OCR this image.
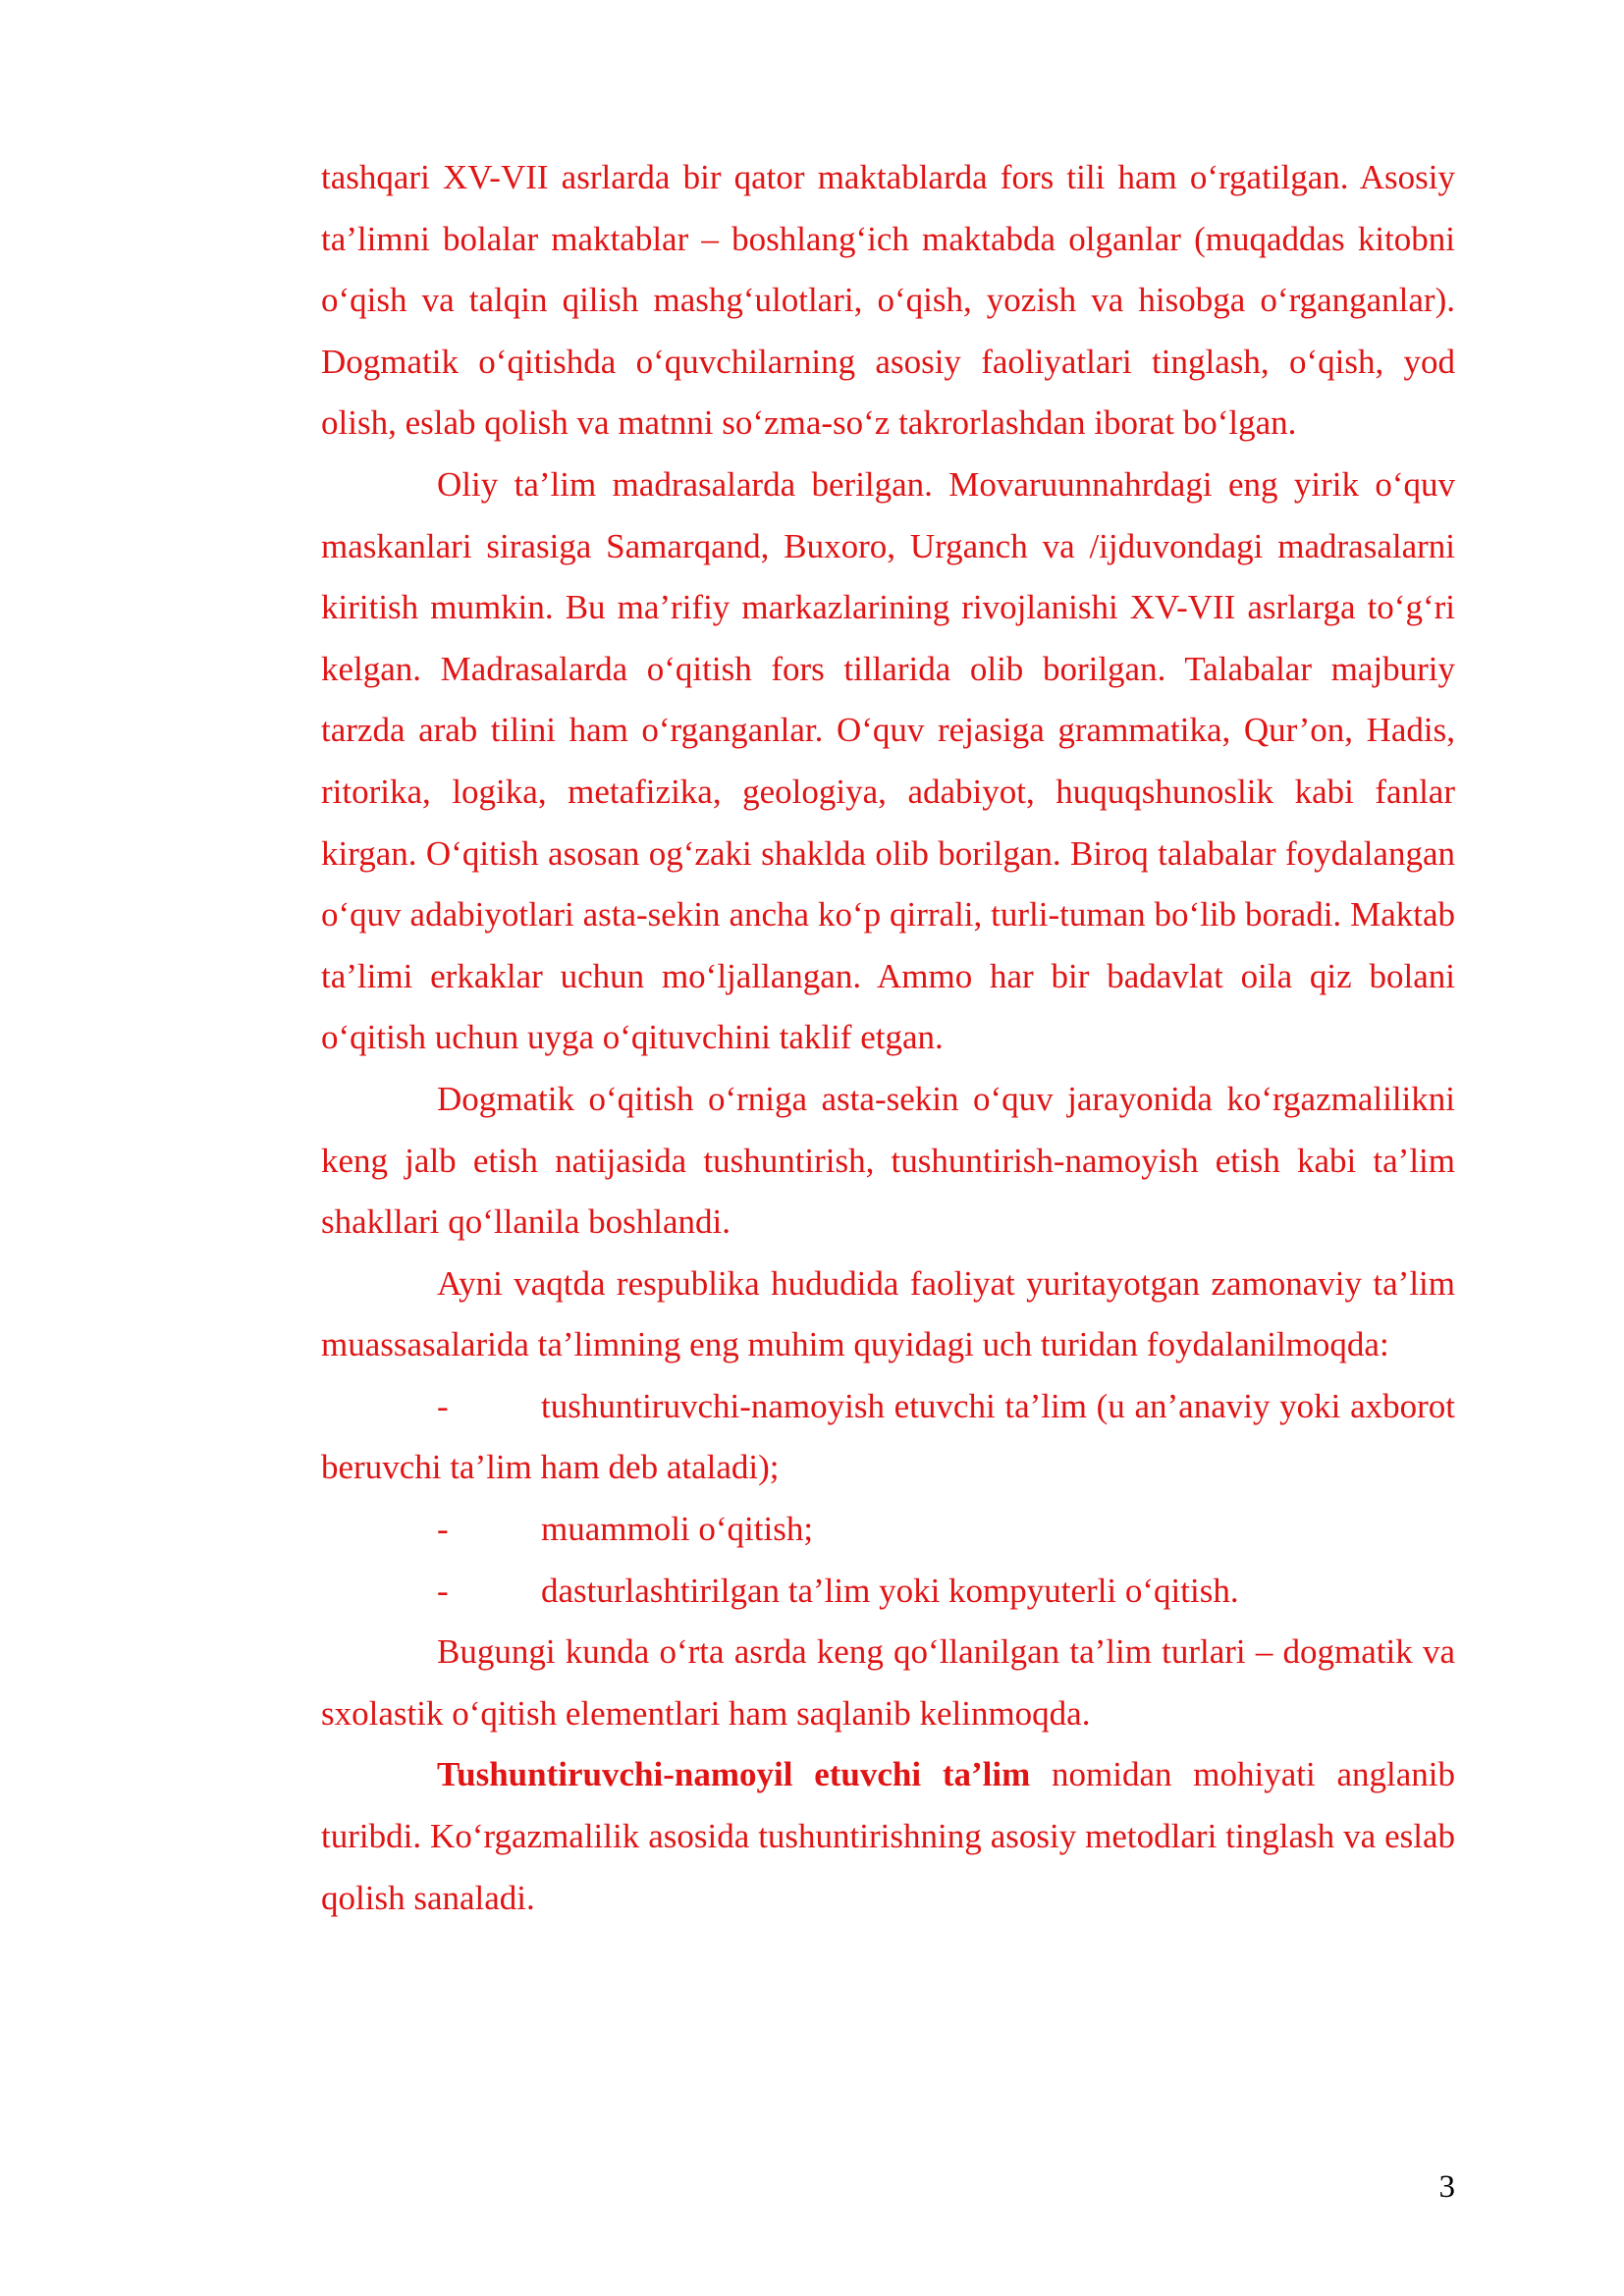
tashqari XV-VII asrlarda bir qator maktablarda fors tili ham o‘rgatilgan. Asosiy ta’limni bolalar maktablar – boshlang‘ich maktabda olganlar (muqaddas kitobni o‘qish va talqin qilish mashg‘ulotlari, o‘qish, yozish va hisobga o‘rganganlar). Dogmatik o‘qitishda o‘quvchilarning asosiy faoliyatlari tinglash, o‘qish, yod olish, eslab qolish va matnni so‘zma-so‘z takrorlashdan iborat bo‘lgan.

Oliy ta’lim madrasalarda berilgan. Movaruunnahrdagi eng yirik o‘quv maskanlari sirasiga Samarqand, Buxoro, Urganch va /ijduvondagi madrasalarni kiritish mumkin. Bu ma’rifiy markazlarining rivojlanishi XV-VII asrlarga to‘g‘ri kelgan. Madrasalarda o‘qitish fors tillarida olib borilgan. Talabalar majburiy tarzda arab tilini ham o‘rganganlar. O‘quv rejasiga grammatika, Qur’on, Hadis, ritorika, logika, metafizika, geologiya, adabiyot, huquqshunoslik kabi fanlar kirgan. O‘qitish asosan og‘zaki shaklda olib borilgan. Biroq talabalar foydalangan o‘quv adabiyotlari asta-sekin ancha ko‘p qirrali, turli-tuman bo‘lib boradi. Maktab ta’limi erkaklar uchun mo‘ljallangan. Ammo har bir badavlat oila qiz bolani o‘qitish uchun uyga o‘qituvchini taklif etgan.

Dogmatik o‘qitish o‘rniga asta-sekin o‘quv jarayonida ko‘rgazmalilikni keng jalb etish natijasida tushuntirish, tushuntirish-namoyish etish kabi ta’lim shakllari qo‘llanila boshlandi.

Ayni vaqtda respublika hududida faoliyat yuritayotgan zamonaviy ta’lim muassasalarida ta’limning eng muhim quyidagi uch turidan foydalanilmoqda:

-	tushuntiruvchi-namoyish etuvchi ta’lim (u an’anaviy yoki axborot beruvchi ta’lim ham deb ataladi);

-	muammoli o‘qitish;

-	dasturlashtirilgan ta’lim yoki kompyuterli o‘qitish.

Bugungi kunda o‘rta asrda keng qo‘llanilgan ta’lim turlari – dogmatik va sxolastik o‘qitish elementlari ham saqlanib kelinmoqda.

Tushuntiruvchi-namoyil etuvchi ta’lim nomidan mohiyati anglanib turibdi. Ko‘rgazmalilik asosida tushuntirishning asosiy metodlari tinglash va eslab qolish sanaladi.

3
